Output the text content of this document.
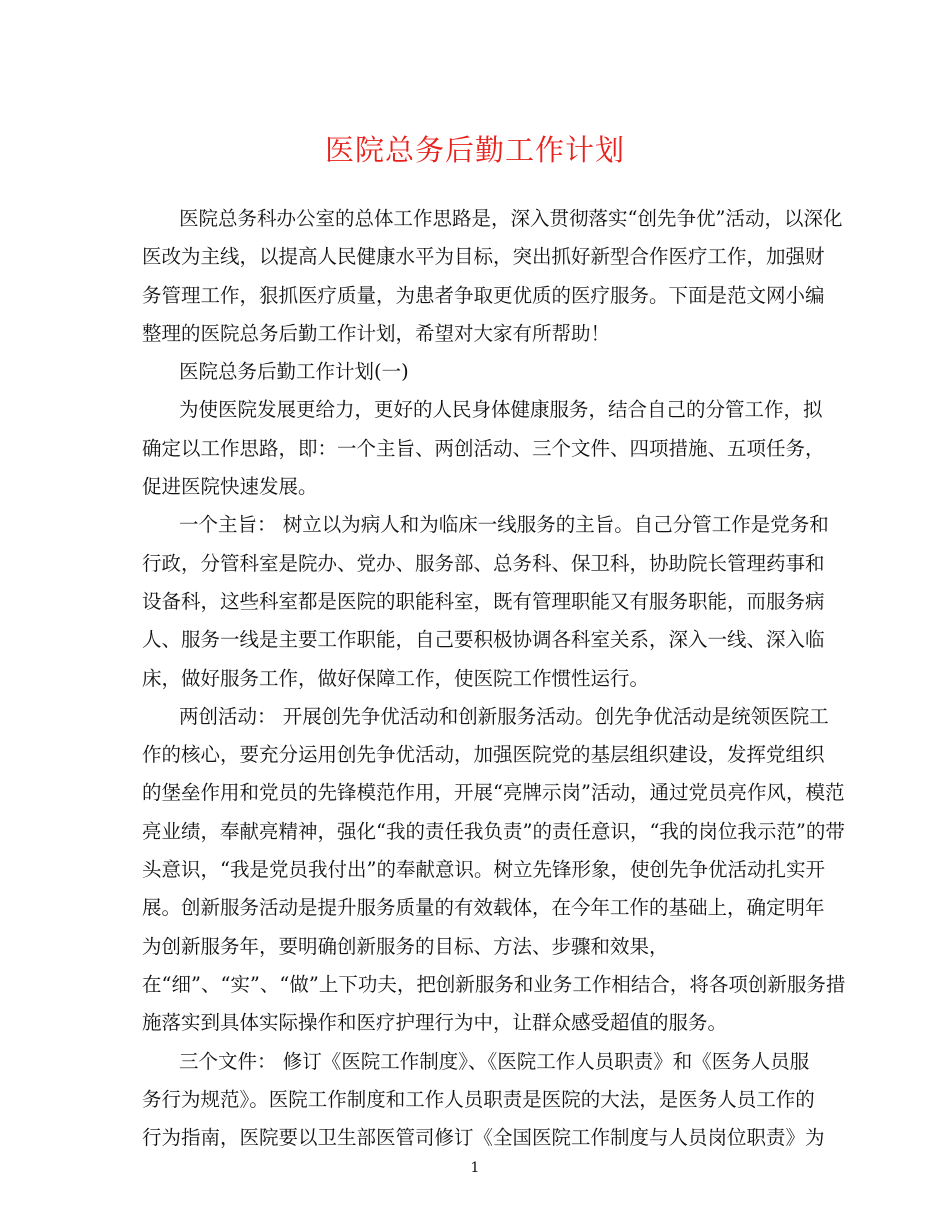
医院总务后勤工作计划
医院总务科办公室的总体工作思路是，深入贯彻落实“创先争优”活动，以深化
医改为主线，以提高人民健康水平为目标，突出抓好新型合作医疗工作，加强财
务管理工作，狠抓医疗质量，为患者争取更优质的医疗服务。下面是范文网小编
整理的医院总务后勤工作计划，希望对大家有所帮助！
医院总务后勤工作计划(一)
为使医院发展更给力，更好的人民身体健康服务，结合自己的分管工作，拟
确定以工作思路，即：一个主旨、两创活动、三个文件、四项措施、五项任务，
促进医院快速发展。
一个主旨： 树立以为病人和为临床一线服务的主旨。自己分管工作是党务和
行政，分管科室是院办、党办、服务部、总务科、保卫科，协助院长管理药事和
设备科，这些科室都是医院的职能科室，既有管理职能又有服务职能，而服务病
人、服务一线是主要工作职能，自己要积极协调各科室关系，深入一线、深入临
床，做好服务工作，做好保障工作，使医院工作惯性运行。
两创活动： 开展创先争优活动和创新服务活动。创先争优活动是统领医院工
作的核心，要充分运用创先争优活动，加强医院党的基层组织建设，发挥党组织
的堡垒作用和党员的先锋模范作用，开展“亮牌示岗”活动，通过党员亮作风，模范
亮业绩，奉献亮精神，强化“我的责任我负责”的责任意识，“我的岗位我示范”的带
头意识，“我是党员我付出”的奉献意识。树立先锋形象，使创先争优活动扎实开
展。创新服务活动是提升服务质量的有效载体，在今年工作的基础上，确定明年
为创新服务年，要明确创新服务的目标、方法、步骤和效果，
在“细”、“实”、“做”上下功夫，把创新服务和业务工作相结合，将各项创新服务措
施落实到具体实际操作和医疗护理行为中，让群众感受超值的服务。
三个文件： 修订《医院工作制度》、《医院工作人员职责》和《医务人员服
务行为规范》。医院工作制度和工作人员职责是医院的大法，是医务人员工作的
行为指南，医院要以卫生部医管司修订《全国医院工作制度与人员岗位职责》为
1
